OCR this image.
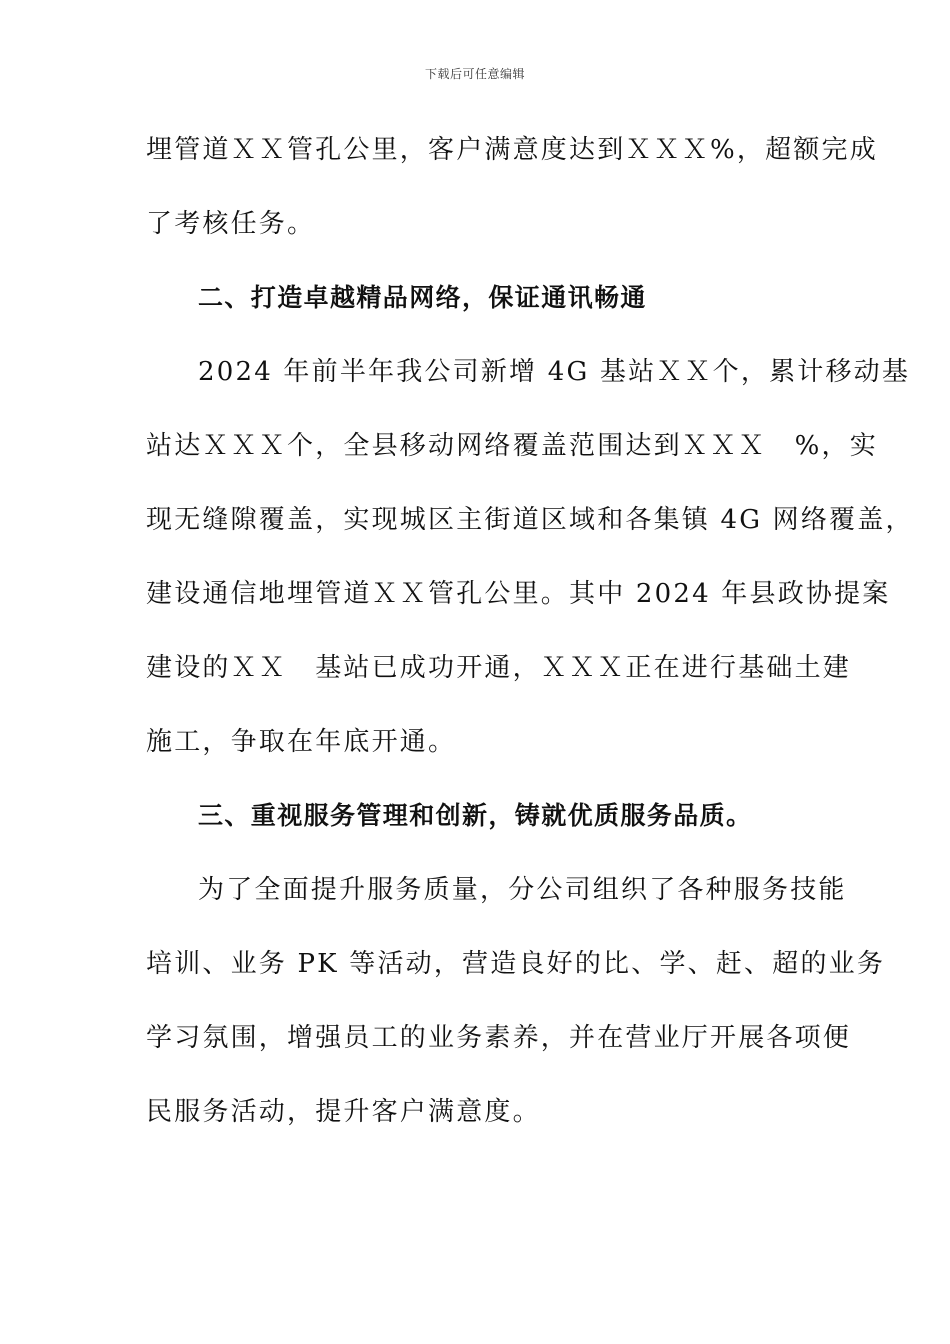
下载后可任意编辑
埋管道ＸＸ管孔公里，客户满意度达到ＸＸＸ%，超额完成
了考核任务。
二、打造卓越精品网络，保证通讯畅通
2024 年前半年我公司新增 4G 基站ＸＸ个，累计移动基
站达ＸＸＸ个，全县移动网络覆盖范围达到ＸＸＸ　%，实
现无缝隙覆盖，实现城区主街道区域和各集镇 4G 网络覆盖，
建设通信地埋管道ＸＸ管孔公里。其中 2024 年县政协提案
建设的ＸＸ　基站已成功开通，ＸＸＸ正在进行基础土建
施工，争取在年底开通。
三、重视服务管理和创新，铸就优质服务品质。
为了全面提升服务质量，分公司组织了各种服务技能
培训、业务 PK 等活动，营造良好的比、学、赶、超的业务
学习氛围，增强员工的业务素养，并在营业厅开展各项便
民服务活动，提升客户满意度。
